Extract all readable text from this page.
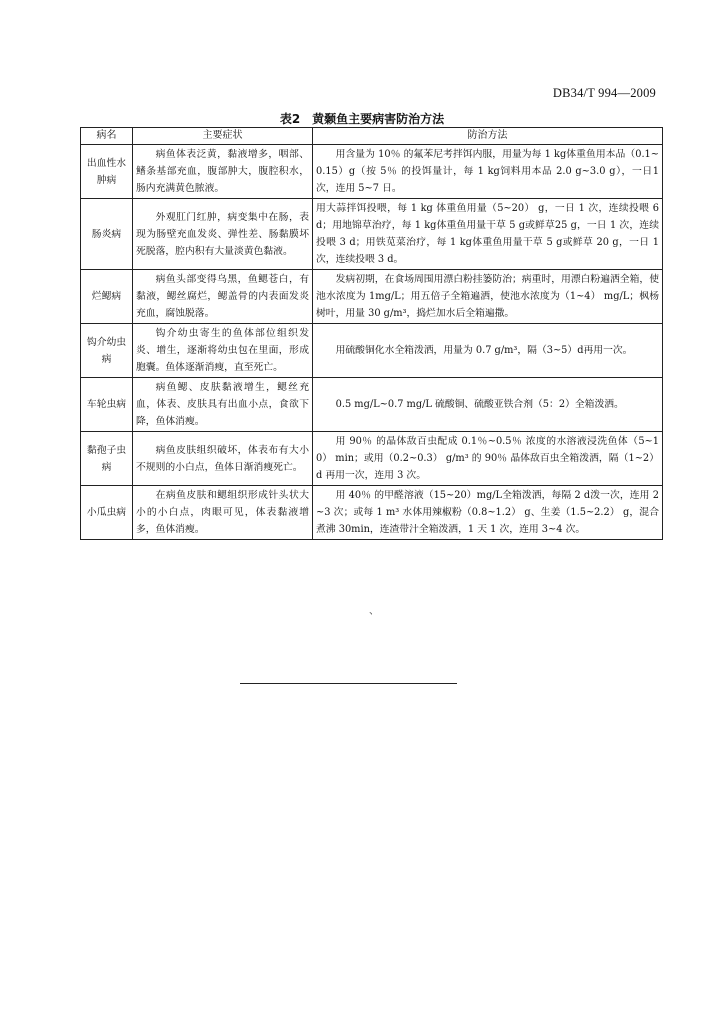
DB34/T 994—2009
表2　黄颡鱼主要病害防治方法
病名	主要症状	防治方法
出血性水肿病	病鱼体表泛黄，黏液增多，咽部、鳍条基部充血，腹部肿大，腹腔积水，肠内充满黄色脓液。	用含量为 10％ 的氟苯尼考拌饵内服，用量为每 1 kg体重鱼用本品（0.1~0.15）g（按 5％ 的投饵量计，每 1 kg饲料用本品 2.0 g~3.0 g），一日1次，连用 5~7 日。
肠炎病	外观肛门红肿，病变集中在肠，表现为肠壁充血发炎、弹性差、肠黏膜坏死脱落，腔内积有大量淡黄色黏液。	用大蒜拌饵投喂，每 1 kg 体重鱼用量（5~20） g，一日 1 次，连续投喂 6 d；用地锦草治疗，每 1 kg体重鱼用量干草 5 g或鲜草25 g，一日 1 次，连续投喂 3 d；用铁苋菜治疗，每 1 kg体重鱼用量干草 5 g或鲜草 20 g，一日 1 次，连续投喂 3 d。
烂鳃病	病鱼头部变得乌黑，鱼鳃苍白，有黏液，鳃丝腐烂，鳃盖骨的内表面发炎充血，腐蚀脱落。	发病初期，在食场周围用漂白粉挂篓防治；病重时，用漂白粉遍洒全箱，使池水浓度为 1mg/L；用五倍子全箱遍洒，使池水浓度为（1~4） mg/L；枫杨树叶，用量 30 g/m³，捣烂加水后全箱遍撒。
钩介幼虫病	钩介幼虫寄生的鱼体部位组织发炎、增生，逐渐将幼虫包在里面，形成胞囊。鱼体逐渐消瘦，直至死亡。	用硫酸铜化水全箱泼洒，用量为 0.7 g/m³，隔（3~5）d再用一次。
车轮虫病	病鱼鳃、皮肤黏液增生，鳃丝充血，体表、皮肤具有出血小点，食欲下降，鱼体消瘦。	0.5 mg/L~0.7 mg/L 硫酸铜、硫酸亚铁合剂（5：2）全箱泼洒。
黏孢子虫病	病鱼皮肤组织破坏，体表布有大小不规则的小白点，鱼体日渐消瘦死亡。	用 90％ 的晶体敌百虫配成 0.1％~0.5％ 浓度的水溶液浸洗鱼体（5~10） min；或用（0.2~0.3） g/m³ 的 90％ 晶体敌百虫全箱泼洒，隔（1~2）d 再用一次，连用 3 次。
小瓜虫病	在病鱼皮肤和鳃组织形成针头状大小的小白点，肉眼可见，体表黏液增多，鱼体消瘦。	用 40％ 的甲醛溶液（15~20）mg/L全箱泼洒，每隔 2 d泼一次，连用 2~3 次；或每 1 m³ 水体用辣椒粉（0.8~1.2） g、生姜（1.5~2.2） g，混合煮沸 30min，连渣带汁全箱泼洒，1 天 1 次，连用 3~4 次。
、
